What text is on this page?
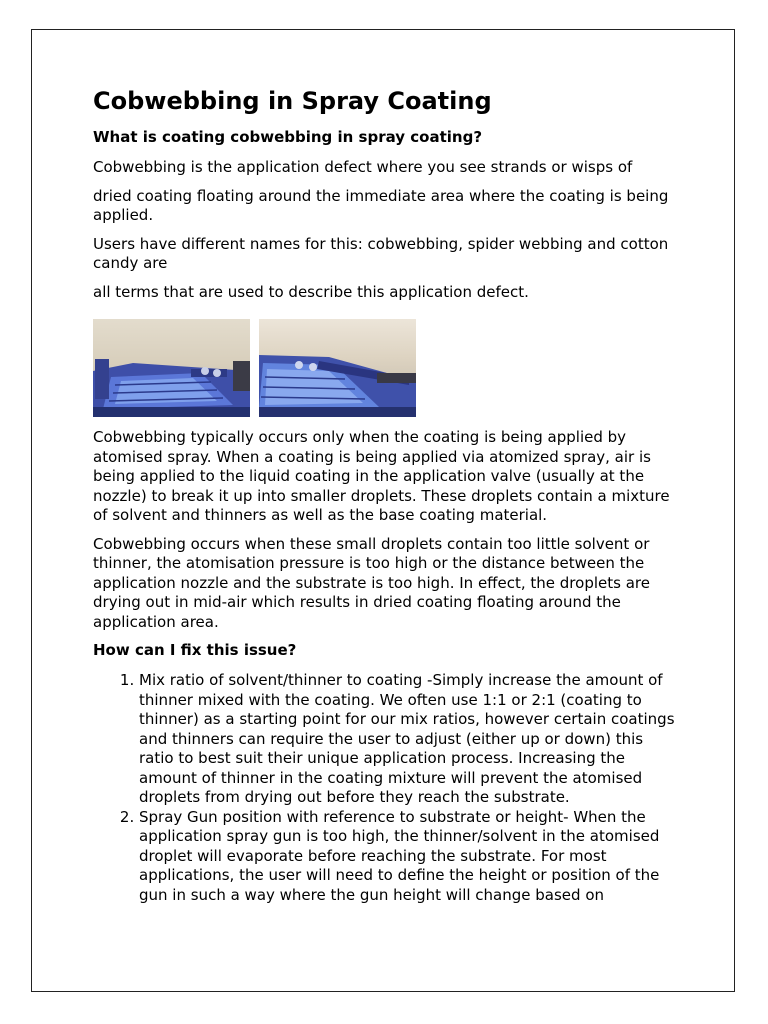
Cobwebbing in Spray Coating
What is coating cobwebbing in spray coating?

Cobwebbing is the application defect where you see strands or wisps of

dried coating floating around the immediate area where the coating is being applied.

Users have different names for this: cobwebbing, spider webbing and cotton candy are

all terms that are used to describe this application defect.

Cobwebbing typically occurs only when the coating is being applied by atomised spray. When a coating is being applied via atomized spray, air is being applied to the liquid coating in the application valve (usually at the nozzle) to break it up into smaller droplets. These droplets contain a mixture of solvent and thinners as well as the base coating material.

Cobwebbing occurs when these small droplets contain too little solvent or thinner, the atomisation pressure is too high or the distance between the application nozzle and the substrate is too high. In effect, the droplets are drying out in mid-air which results in dried coating floating around the application area.

How can I fix this issue?
1. Mix ratio of solvent/thinner to coating -Simply increase the amount of thinner mixed with the coating. We often use 1:1 or 2:1 (coating to thinner) as a starting point for our mix ratios, however certain coatings and thinners can require the user to adjust (either up or down) this ratio to best suit their unique application process. Increasing the amount of thinner in the coating mixture will prevent the atomised droplets from drying out before they reach the substrate.
2. Spray Gun position with reference to substrate or height- When the application spray gun is too high, the thinner/solvent in the atomised droplet will evaporate before reaching the substrate. For most applications, the user will need to define the height or position of the gun in such a way where the gun height will change based on
